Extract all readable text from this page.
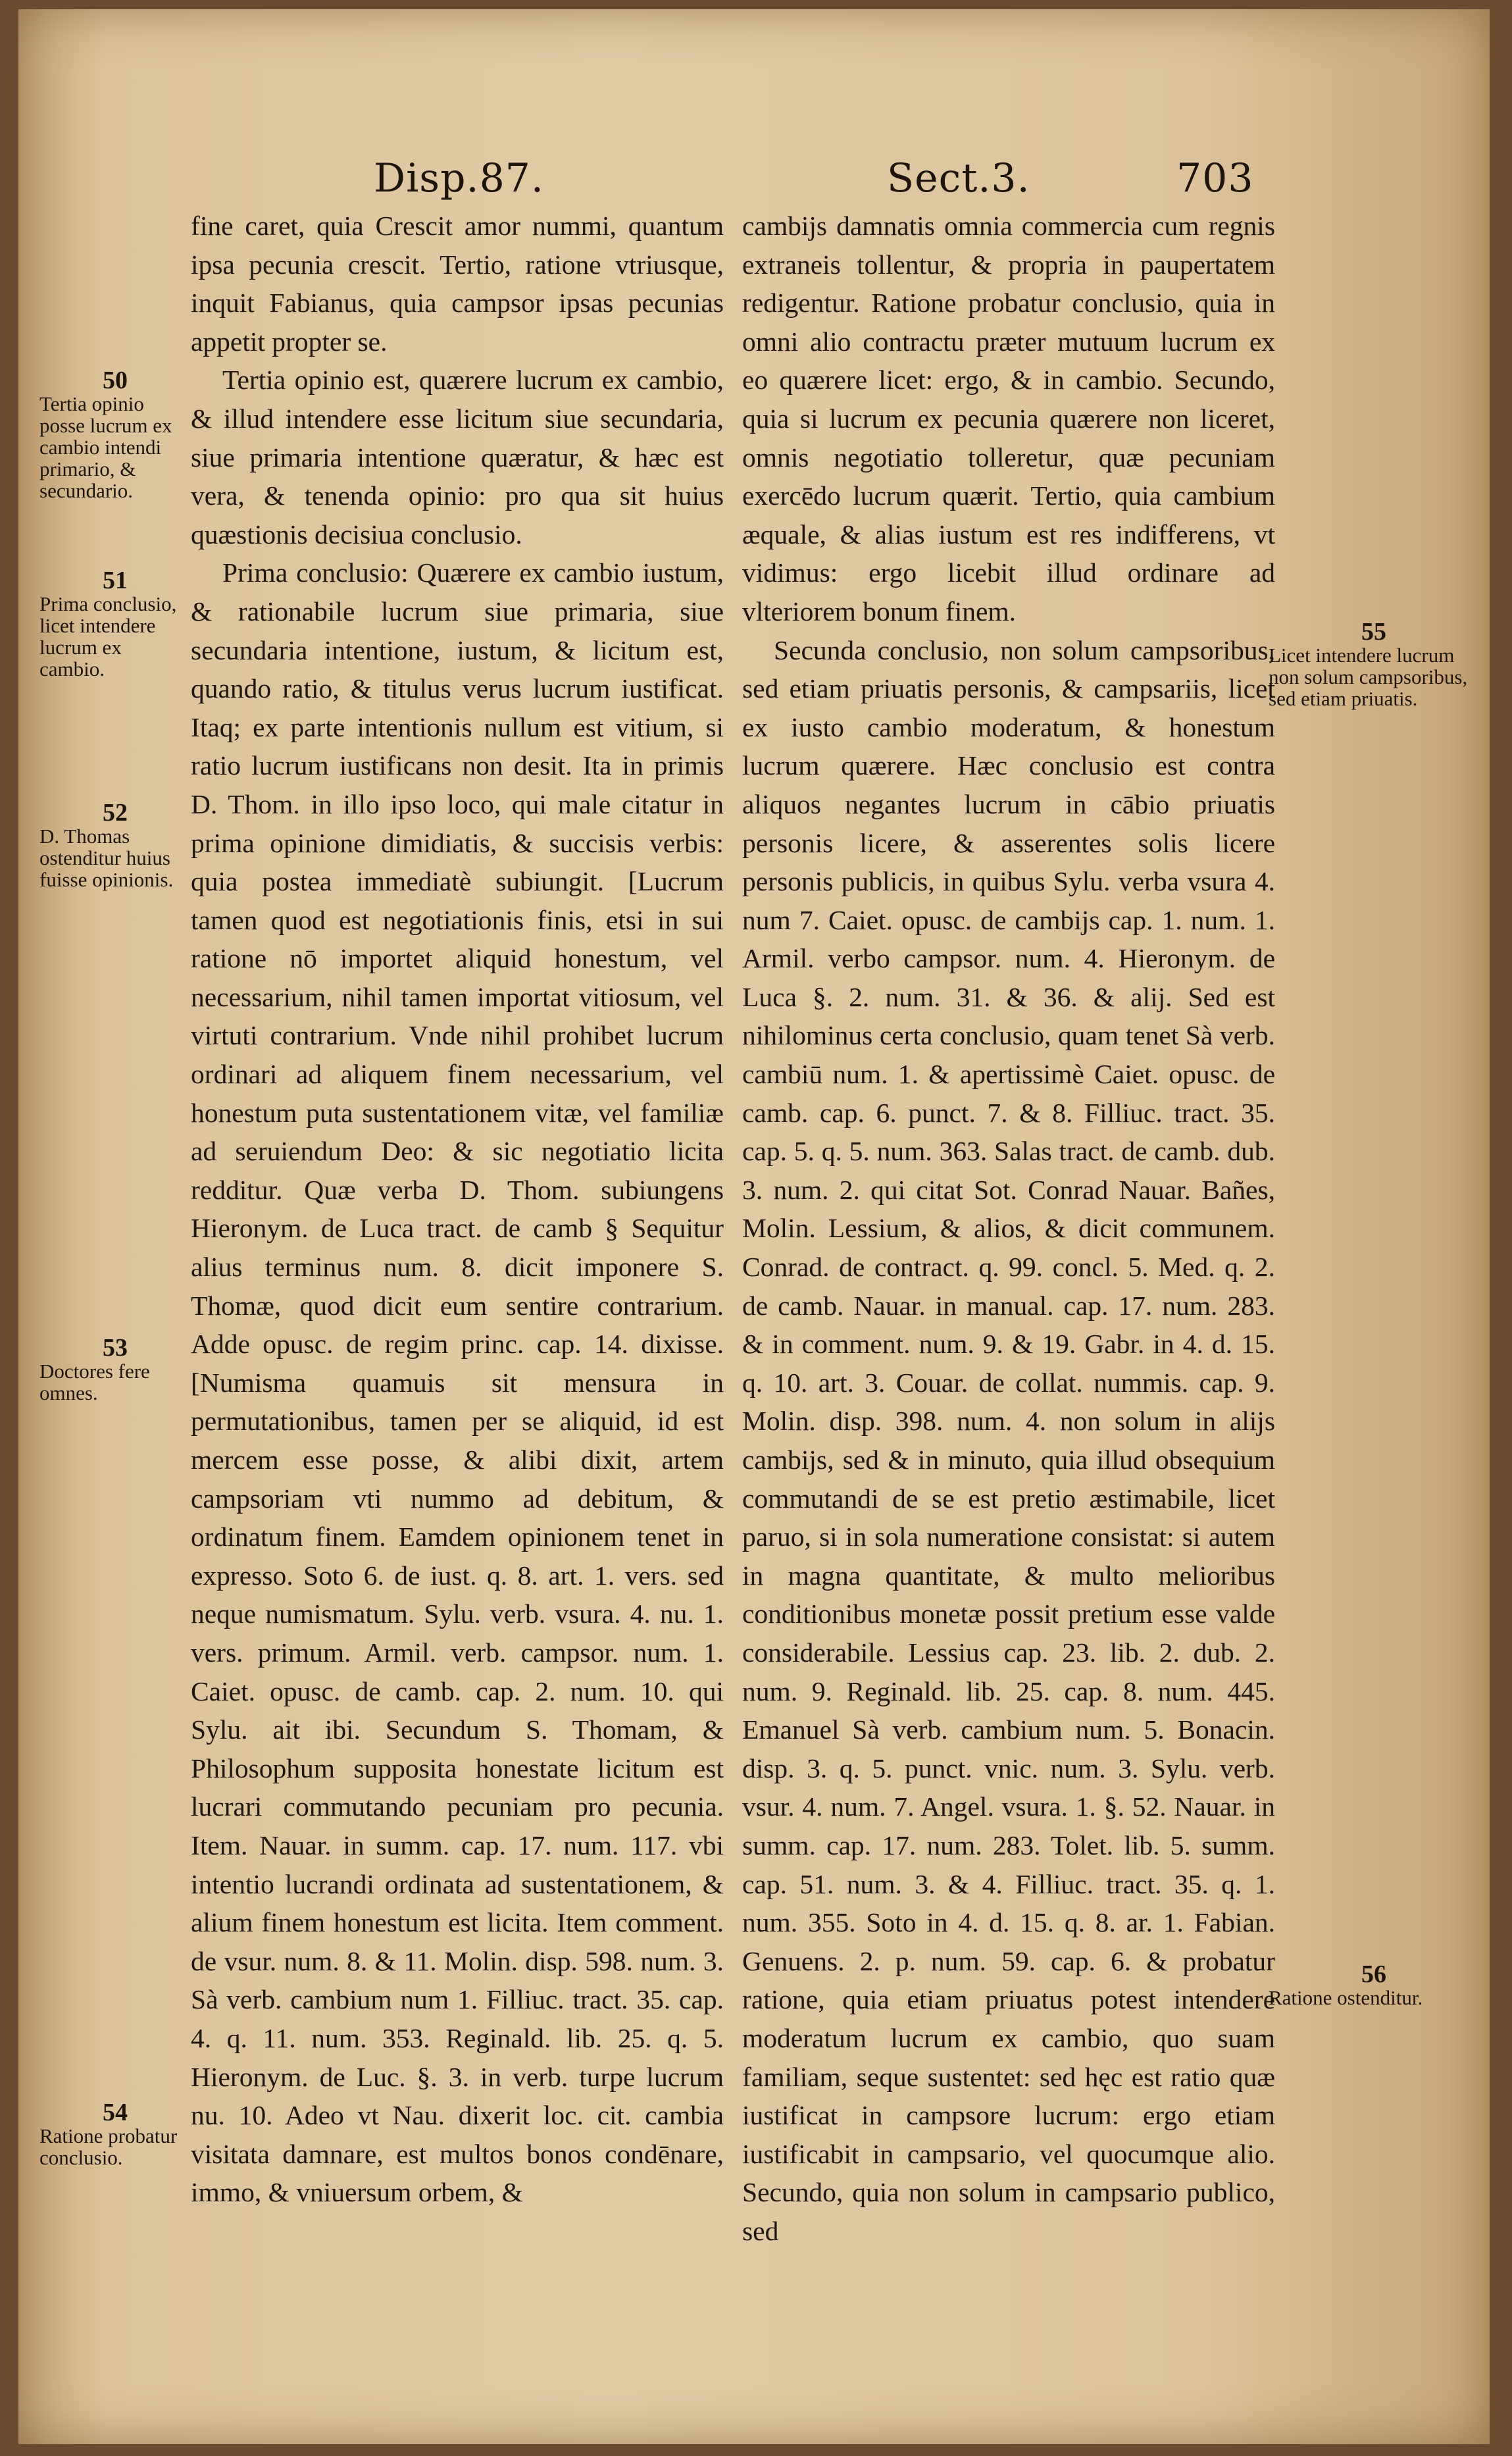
Disp.87.	Sect.3.	703

fine caret, quia Crescit amor nummi, quantum ipsa pecunia crescit. Tertio, ratione vtriusque, inquit Fabianus, quia campsor ipsas pecunias appetit propter se.

Tertia opinio est, quærere lucrum ex cambio, & illud intendere esse licitum siue secundaria, siue primaria intentione quæratur, & hæc est vera, & tenenda opinio: pro qua sit huius quæstionis decisiua conclusio.

Prima conclusio: Quærere ex cambio iustum, & rationabile lucrum siue primaria, siue secundaria intentione, iustum, & licitum est, quando ratio, & titulus verus lucrum iustificat. Itaq; ex parte intentionis nullum est vitium, si ratio lucrum iustificans non desit. Ita in primis D. Thom. in illo ipso loco, qui male citatur in prima opinione dimidiatis, & succisis verbis: quia postea immediatè subiungit. [Lucrum tamen quod est negotiationis finis, etsi in sui ratione nō importet aliquid honestum, vel necessarium, nihil tamen importat vitiosum, vel virtuti contrarium. Vnde nihil prohibet lucrum ordinari ad aliquem finem necessarium, vel honestum puta sustentationem vitæ, vel familiæ ad seruiendum Deo: & sic negotiatio licita redditur. Quæ verba D. Thom. subiungens Hieronym. de Luca tract. de camb § Sequitur alius terminus num. 8. dicit imponere S. Thomæ, quod dicit eum sentire contrarium. Adde opusc. de regim princ. cap. 14. dixisse. [Numisma quamuis sit mensura in permutationibus, tamen per se aliquid, id est mercem esse posse, & alibi dixit, artem campsoriam vti nummo ad debitum, & ordinatum finem. Eamdem opinionem tenet in expresso. Soto 6. de iust. q. 8. art. 1. vers. sed neque numismatum. Sylu. verb. vsura. 4. nu. 1. vers. primum. Armil. verb. campsor. num. 1. Caiet. opusc. de camb. cap. 2. num. 10. qui Sylu. ait ibi. Secundum S. Thomam, & Philosophum supposita honestate licitum est lucrari commutando pecuniam pro pecunia. Item. Nauar. in summ. cap. 17. num. 117. vbi intentio lucrandi ordinata ad sustentationem, & alium finem honestum est licita. Item comment. de vsur. num. 8. & 11. Molin. disp. 598. num. 3. Sà verb. cambium num 1. Filliuc. tract. 35. cap. 4. q. 11. num. 353. Reginald. lib. 25. q. 5. Hieronym. de Luc. §. 3. in verb. turpe lucrum nu. 10. Adeo vt Nau. dixerit loc. cit. cambia visitata damnare, est multos bonos condēnare, immo, & vniuersum orbem, &

cambijs damnatis omnia commercia cum regnis extraneis tollentur, & propria in paupertatem redigentur. Ratione probatur conclusio, quia in omni alio contractu præter mutuum lucrum ex eo quærere licet: ergo, & in cambio. Secundo, quia si lucrum ex pecunia quærere non liceret, omnis negotiatio tolleretur, quæ pecuniam exercēdo lucrum quærit. Tertio, quia cambium æquale, & alias iustum est res indifferens, vt vidimus: ergo licebit illud ordinare ad vlteriorem bonum finem.

Secunda conclusio, non solum campsoribus, sed etiam priuatis personis, & campsariis, licet ex iusto cambio moderatum, & honestum lucrum quærere. Hæc conclusio est contra aliquos negantes lucrum in cābio priuatis personis licere, & asserentes solis licere personis publicis, in quibus Sylu. verba vsura 4. num 7. Caiet. opusc. de cambijs cap. 1. num. 1. Armil. verbo campsor. num. 4. Hieronym. de Luca §. 2. num. 31. & 36. & alij. Sed est nihilominus certa conclusio, quam tenet Sà verb. cambiū num. 1. & apertissimè Caiet. opusc. de camb. cap. 6. punct. 7. & 8. Filliuc. tract. 35. cap. 5. q. 5. num. 363. Salas tract. de camb. dub. 3. num. 2. qui citat Sot. Conrad Nauar. Bañes, Molin. Lessium, & alios, & dicit communem. Conrad. de contract. q. 99. concl. 5. Med. q. 2. de camb. Nauar. in manual. cap. 17. num. 283. & in comment. num. 9. & 19. Gabr. in 4. d. 15. q. 10. art. 3. Couar. de collat. nummis. cap. 9. Molin. disp. 398. num. 4. non solum in alijs cambijs, sed & in minuto, quia illud obsequium commutandi de se est pretio æstimabile, licet paruo, si in sola numeratione consistat: si autem in magna quantitate, & multo melioribus conditionibus monetæ possit pretium esse valde considerabile. Lessius cap. 23. lib. 2. dub. 2. num. 9. Reginald. lib. 25. cap. 8. num. 445. Emanuel Sà verb. cambium num. 5. Bonacin. disp. 3. q. 5. punct. vnic. num. 3. Sylu. verb. vsur. 4. num. 7. Angel. vsura. 1. §. 52. Nauar. in summ. cap. 17. num. 283. Tolet. lib. 5. summ. cap. 51. num. 3. & 4. Filliuc. tract. 35. q. 1. num. 355. Soto in 4. d. 15. q. 8. ar. 1. Fabian. Genuens. 2. p. num. 59. cap. 6. & probatur ratione, quia etiam priuatus potest intendere moderatum lucrum ex cambio, quo suam familiam, seque sustentet: sed hęc est ratio quæ iustificat in campsore lucrum: ergo etiam iustificabit in campsario, vel quocumque alio. Secundo, quia non solum in campsario publico, sed

50
Tertia opinio posse lucrum ex cambio intendi primario, & secundario.
51
Prima conclusio, licet intendere lucrum ex cambio.
52
D. Thomas ostenditur huius fuisse opinionis.
53
Doctores fere omnes.
54
Ratione probatur conclusio.
55
Licet intendere lucrum non solum campsoribus, sed etiam priuatis.
56
Ratione ostenditur.
